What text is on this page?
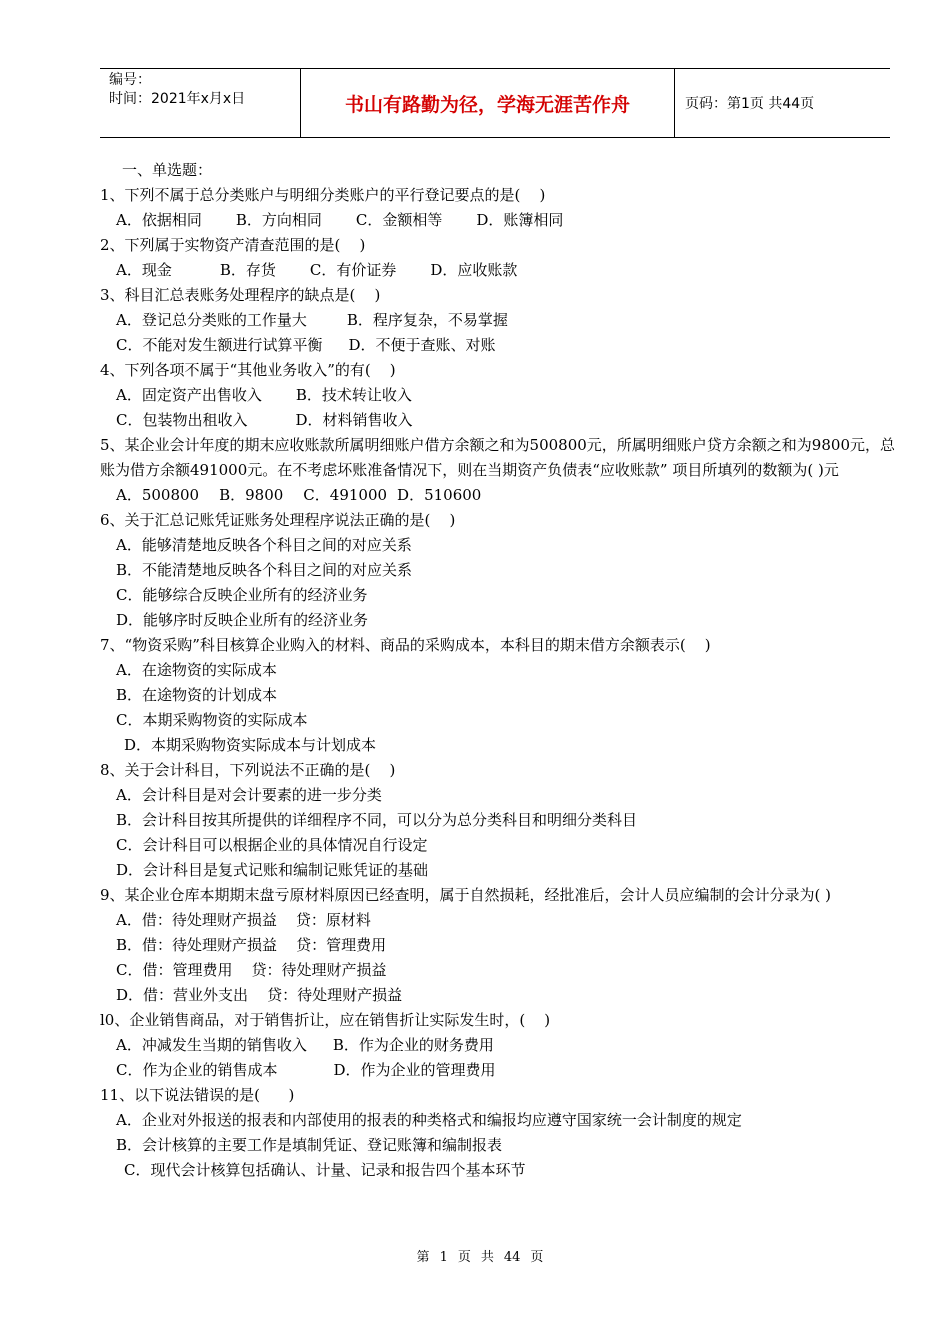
编号：
时间：2021年x月x日	书山有路勤为径，学海无涯苦作舟	页码：第1页 共44页
一、单选题：
1、下列不属于总分类账户与明细分类账户的平行登记要点的是(    )
A．依据相同 B．方向相同 C．金额相等 D．账簿相同
2、下列属于实物资产清查范围的是(    )
A．现金	B．存货 C．有价证券 D．应收账款
3、科目汇总表账务处理程序的缺点是(    )
A．登记总分类账的工作量大	B．程序复杂，不易掌握
C．不能对发生额进行试算平衡 D．不便于查账、对账
4、下列各项不属于“其他业务收入”的有(    )
A．固定资产出售收入 B．技术转让收入
C．包装物出租收入	D．材料销售收入
5、某企业会计年度的期末应收账款所属明细账户借方余额之和为500800元，所属明细账户贷方余额之和为9800元，总账为借方余额491000元。在不考虑坏账准备情况下，则在当期资产负债表“应收账款” 项目所填列的数额为( )元
A．500800 B．9800 C．491000 D．510600
6、关于汇总记账凭证账务处理程序说法正确的是(    )
A．能够清楚地反映各个科目之间的对应关系
B．不能清楚地反映各个科目之间的对应关系
C．能够综合反映企业所有的经济业务
D．能够序时反映企业所有的经济业务
7、“物资采购”科目核算企业购入的材料、商品的采购成本，本科目的期末借方余额表示(    )
A．在途物资的实际成本
B．在途物资的计划成本
C．本期采购物资的实际成本
D．本期采购物资实际成本与计划成本
8、关于会计科目，下列说法不正确的是(    )
A．会计科目是对会计要素的进一步分类
B．会计科目按其所提供的详细程序不同，可以分为总分类科目和明细分类科目
C．会计科目可以根据企业的具体情况自行设定
D．会计科目是复式记账和编制记账凭证的基础
9、某企业仓库本期期末盘亏原材料原因已经查明，属于自然损耗，经批准后，会计人员应编制的会计分录为( )
A．借：待处理财产损益    贷：原材料
B．借：待处理财产损益    贷：管理费用
C．借：管理费用    贷：待处理财产损益
D．借：营业外支出    贷：待处理财产损益
l0、企业销售商品，对于销售折让，应在销售折让实际发生时，(    )
A．冲减发生当期的销售收入 B．作为企业的财务费用
C．作为企业的销售成本	D．作为企业的管理费用
11、以下说法错误的是(      )
A．企业对外报送的报表和内部使用的报表的种类格式和编报均应遵守国家统一会计制度的规定
B．会计核算的主要工作是填制凭证、登记账簿和编制报表
C．现代会计核算包括确认、计量、记录和报告四个基本环节
第 1 页 共 44 页
